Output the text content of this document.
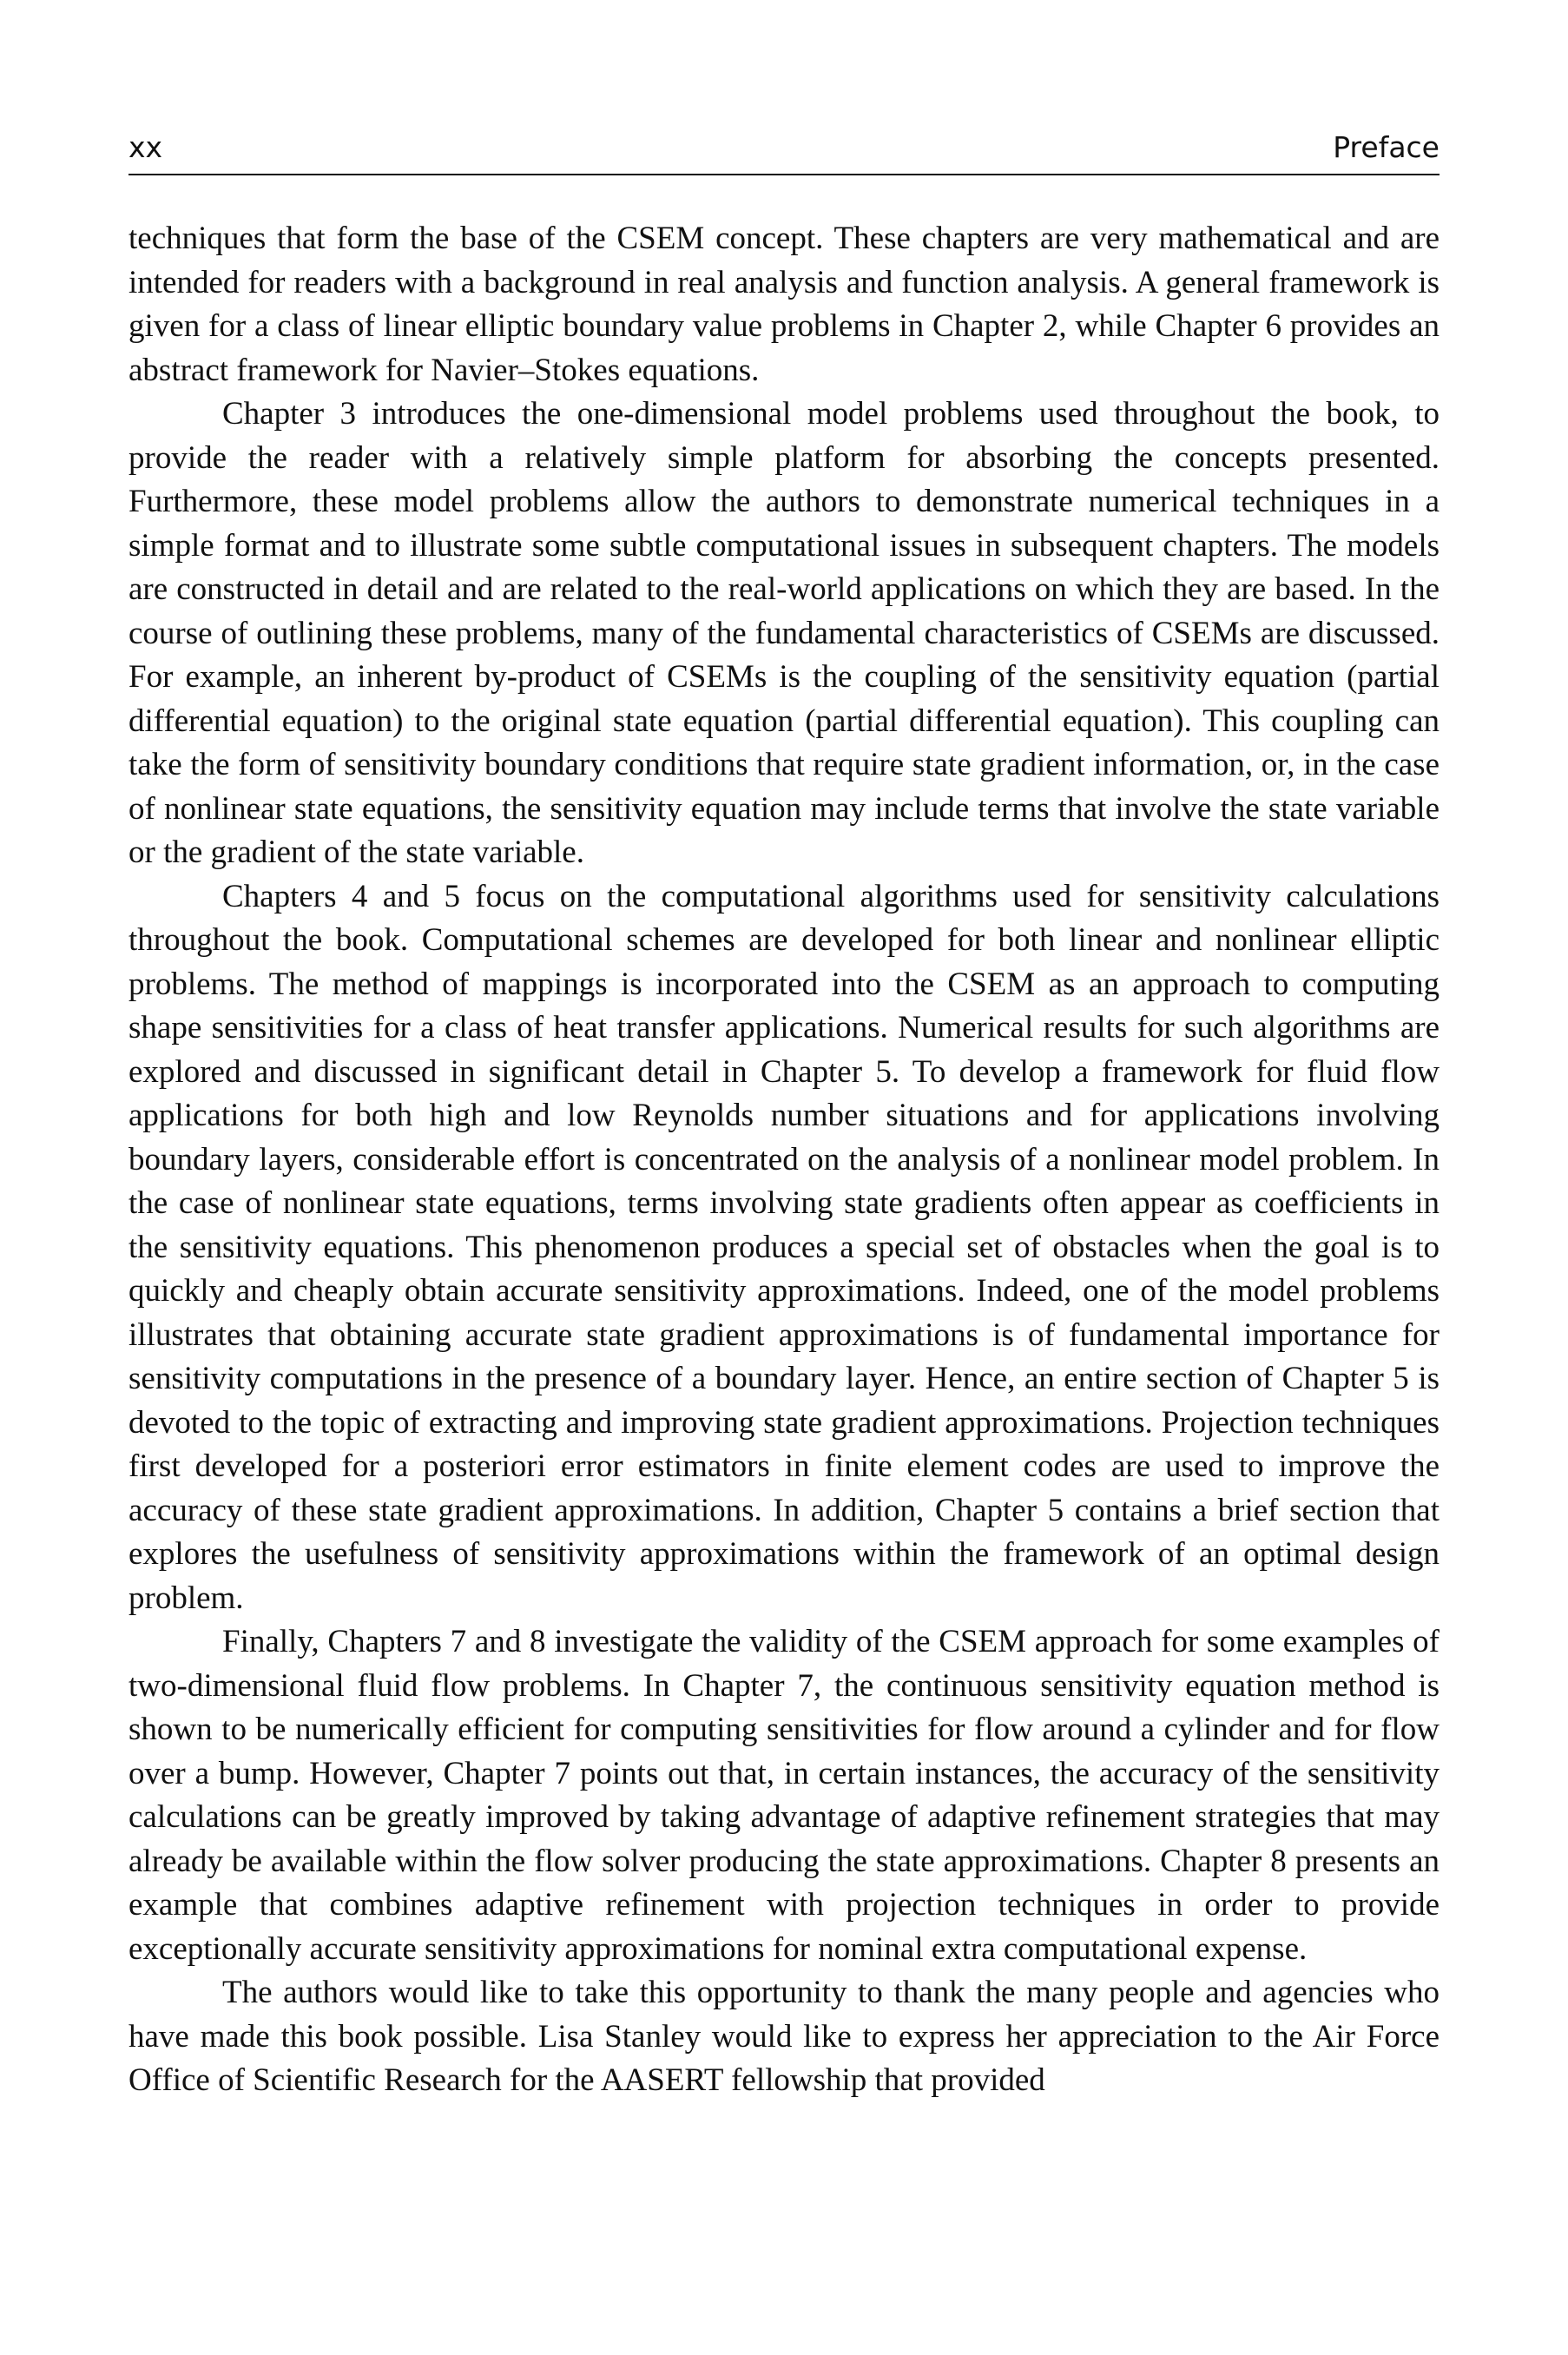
xx	Preface

techniques that form the base of the CSEM concept. These chapters are very mathematical and are intended for readers with a background in real analysis and function analysis. A general framework is given for a class of linear elliptic boundary value problems in Chapter 2, while Chapter 6 provides an abstract framework for Navier–Stokes equations.

Chapter 3 introduces the one-dimensional model problems used throughout the book, to provide the reader with a relatively simple platform for absorbing the concepts presented. Furthermore, these model problems allow the authors to demonstrate numerical techniques in a simple format and to illustrate some subtle computational issues in subsequent chapters. The models are constructed in detail and are related to the real-world applications on which they are based. In the course of outlining these problems, many of the fundamental characteristics of CSEMs are discussed. For example, an inherent by-product of CSEMs is the coupling of the sensitivity equation (partial differential equation) to the original state equation (partial differential equation). This coupling can take the form of sensitivity boundary conditions that require state gradient information, or, in the case of nonlinear state equations, the sensitivity equation may include terms that involve the state variable or the gradient of the state variable.

Chapters 4 and 5 focus on the computational algorithms used for sensitivity calculations throughout the book. Computational schemes are developed for both linear and nonlinear elliptic problems. The method of mappings is incorporated into the CSEM as an approach to computing shape sensitivities for a class of heat transfer applications. Numerical results for such algorithms are explored and discussed in significant detail in Chapter 5. To develop a framework for fluid flow applications for both high and low Reynolds number situations and for applications involving boundary layers, considerable effort is concentrated on the analysis of a nonlinear model problem. In the case of nonlinear state equations, terms involving state gradients often appear as coefficients in the sensitivity equations. This phenomenon produces a special set of obstacles when the goal is to quickly and cheaply obtain accurate sensitivity approximations. Indeed, one of the model problems illustrates that obtaining accurate state gradient approximations is of fundamental importance for sensitivity computations in the presence of a boundary layer. Hence, an entire section of Chapter 5 is devoted to the topic of extracting and improving state gradient approximations. Projection techniques first developed for a posteriori error estimators in finite element codes are used to improve the accuracy of these state gradient approximations. In addition, Chapter 5 contains a brief section that explores the usefulness of sensitivity approximations within the framework of an optimal design problem.

Finally, Chapters 7 and 8 investigate the validity of the CSEM approach for some examples of two-dimensional fluid flow problems. In Chapter 7, the continuous sensitivity equation method is shown to be numerically efficient for computing sensitivities for flow around a cylinder and for flow over a bump. However, Chapter 7 points out that, in certain instances, the accuracy of the sensitivity calculations can be greatly improved by taking advantage of adaptive refinement strategies that may already be available within the flow solver producing the state approximations. Chapter 8 presents an example that combines adaptive refinement with projection techniques in order to provide exceptionally accurate sensitivity approximations for nominal extra computational expense.

The authors would like to take this opportunity to thank the many people and agencies who have made this book possible. Lisa Stanley would like to express her appreciation to the Air Force Office of Scientific Research for the AASERT fellowship that provided
